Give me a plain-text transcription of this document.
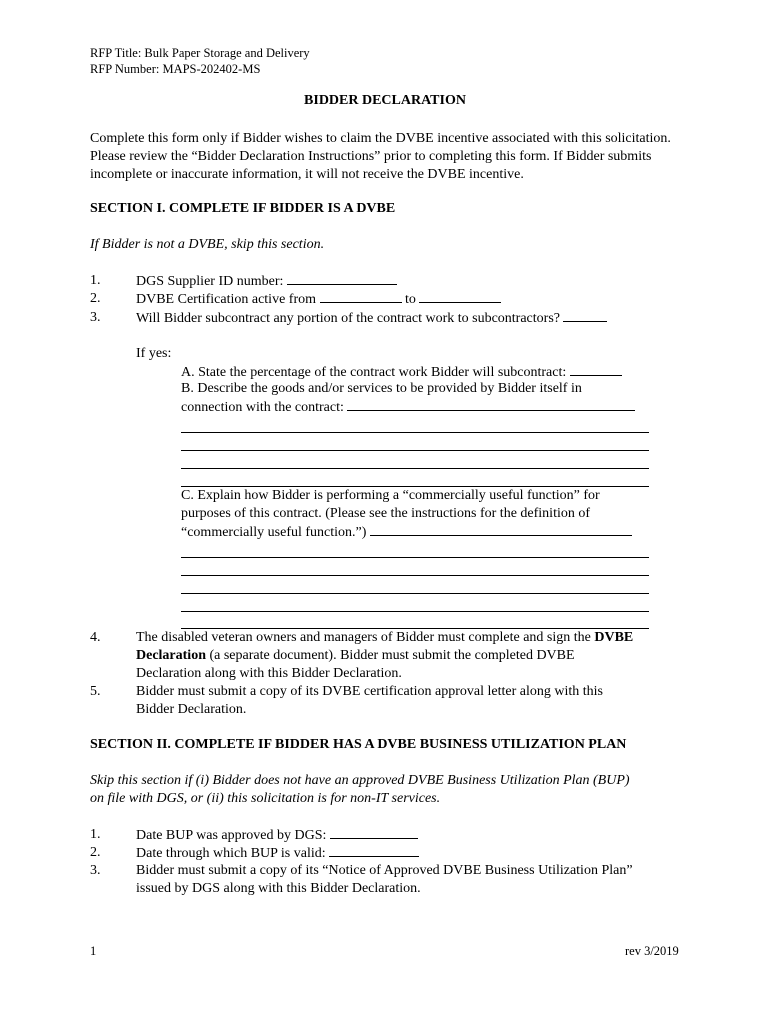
RFP Title: Bulk Paper Storage and Delivery
RFP Number: MAPS-202402-MS
BIDDER DECLARATION
Complete this form only if Bidder wishes to claim the DVBE incentive associated with this solicitation. Please review the “Bidder Declaration Instructions” prior to completing this form. If Bidder submits incomplete or inaccurate information, it will not receive the DVBE incentive.
SECTION I. COMPLETE IF BIDDER IS A DVBE
If Bidder is not a DVBE, skip this section.
1.	DGS Supplier ID number:
2.	DVBE Certification active from	to
3.	Will Bidder subcontract any portion of the contract work to subcontractors?
If yes:
A. State the percentage of the contract work Bidder will subcontract:
B. Describe the goods and/or services to be provided by Bidder itself in
connection with the contract:
C. Explain how Bidder is performing a “commercially useful function” for
purposes of this contract. (Please see the instructions for the definition of
“commercially useful function.”)
4.	The disabled veteran owners and managers of Bidder must complete and sign the DVBE
Declaration (a separate document). Bidder must submit the completed DVBE
Declaration along with this Bidder Declaration.
5.	Bidder must submit a copy of its DVBE certification approval letter along with this
Bidder Declaration.
SECTION II. COMPLETE IF BIDDER HAS A DVBE BUSINESS UTILIZATION PLAN
Skip this section if (i) Bidder does not have an approved DVBE Business Utilization Plan (BUP)
on file with DGS, or (ii) this solicitation is for non-IT services.
1.	Date BUP was approved by DGS:
2.	Date through which BUP is valid:
3.	Bidder must submit a copy of its “Notice of Approved DVBE Business Utilization Plan”
issued by DGS along with this Bidder Declaration.
1	rev 3/2019
